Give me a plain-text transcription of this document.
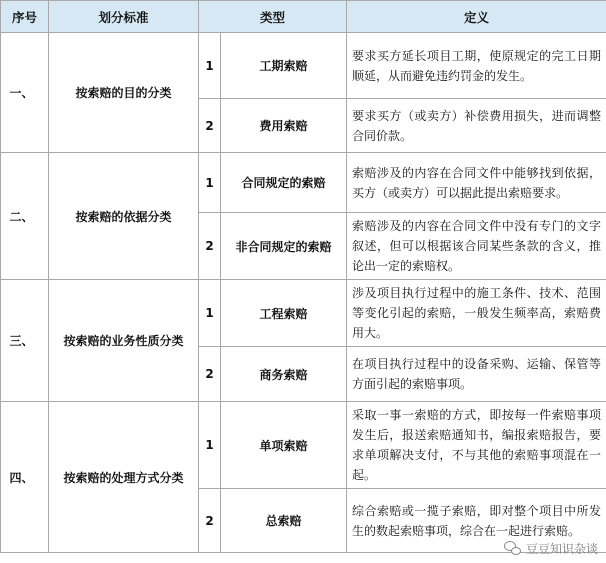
序号	划分标准	类型		定义
一、	按索赔的目的分类	1	工期索赔	要求买方延长项目工期，使原规定的完工日期顺延，从而避免违约罚金的发生。
		2	费用索赔	要求买方（或卖方）补偿费用损失，进而调整合同价款。
二、	按索赔的依据分类	1	合同规定的索赔	索赔涉及的内容在合同文件中能够找到依据，买方（或卖方）可以据此提出索赔要求。
		2	非合同规定的索赔	索赔涉及的内容在合同文件中没有专门的文字叙述，但可以根据该合同某些条款的含义，推论出一定的索赔权。
三、	按索赔的业务性质分类	1	工程索赔	涉及项目执行过程中的施工条件、技术、范围等变化引起的索赔，一般发生频率高，索赔费用大。
		2	商务索赔	在项目执行过程中的设备采购、运输、保管等方面引起的索赔事项。
四、	按索赔的处理方式分类	1	单项索赔	采取一事一索赔的方式，即按每一件索赔事项发生后，报送索赔通知书，编报索赔报告，要求单项解决支付，不与其他的索赔事项混在一起。
		2	总索赔	综合索赔或一揽子索赔，即对整个项目中所发生的数起索赔事项，综合在一起进行索赔。
豆豆知识杂谈
